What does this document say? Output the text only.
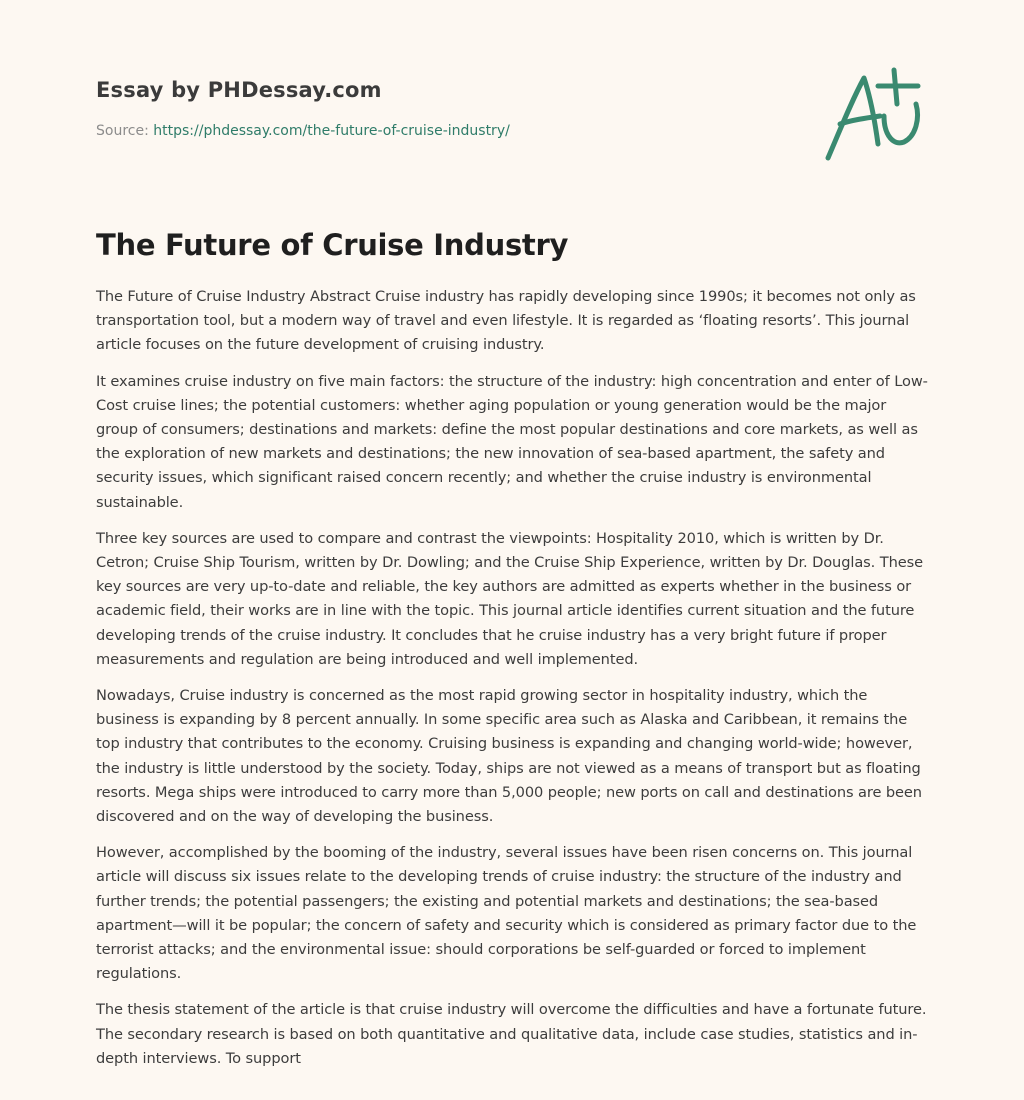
Essay by PHDessay.com
Source: https://phdessay.com/the-future-of-cruise-industry/
The Future of Cruise Industry

The Future of Cruise Industry Abstract Cruise industry has rapidly developing since 1990s; it becomes not only as transportation tool, but a modern way of travel and even lifestyle. It is regarded as ‘floating resorts’. This journal article focuses on the future development of cruising industry.

It examines cruise industry on five main factors: the structure of the industry: high concentration and enter of Low-Cost cruise lines; the potential customers: whether aging population or young generation would be the major group of consumers; destinations and markets: define the most popular destinations and core markets, as well as the exploration of new markets and destinations; the new innovation of sea-based apartment, the safety and security issues, which significant raised concern recently; and whether the cruise industry is environmental sustainable.

Three key sources are used to compare and contrast the viewpoints: Hospitality 2010, which is written by Dr. Cetron; Cruise Ship Tourism, written by Dr. Dowling; and the Cruise Ship Experience, written by Dr. Douglas. These key sources are very up-to-date and reliable, the key authors are admitted as experts whether in the business or academic field, their works are in line with the topic. This journal article identifies current situation and the future developing trends of the cruise industry. It concludes that he cruise industry has a very bright future if proper measurements and regulation are being introduced and well implemented.

Nowadays, Cruise industry is concerned as the most rapid growing sector in hospitality industry, which the business is expanding by 8 percent annually. In some specific area such as Alaska and Caribbean, it remains the top industry that contributes to the economy. Cruising business is expanding and changing world-wide; however, the industry is little understood by the society. Today, ships are not viewed as a means of transport but as floating resorts. Mega ships were introduced to carry more than 5,000 people; new ports on call and destinations are been discovered and on the way of developing the business.

However, accomplished by the booming of the industry, several issues have been risen concerns on. This journal article will discuss six issues relate to the developing trends of cruise industry: the structure of the industry and further trends; the potential passengers; the existing and potential markets and destinations; the sea-based apartment—will it be popular; the concern of safety and security which is considered as primary factor due to the terrorist attacks; and the environmental issue: should corporations be self-guarded or forced to implement regulations.

The thesis statement of the article is that cruise industry will overcome the difficulties and have a fortunate future. The secondary research is based on both quantitative and qualitative data, include case studies, statistics and in-depth interviews. To support
